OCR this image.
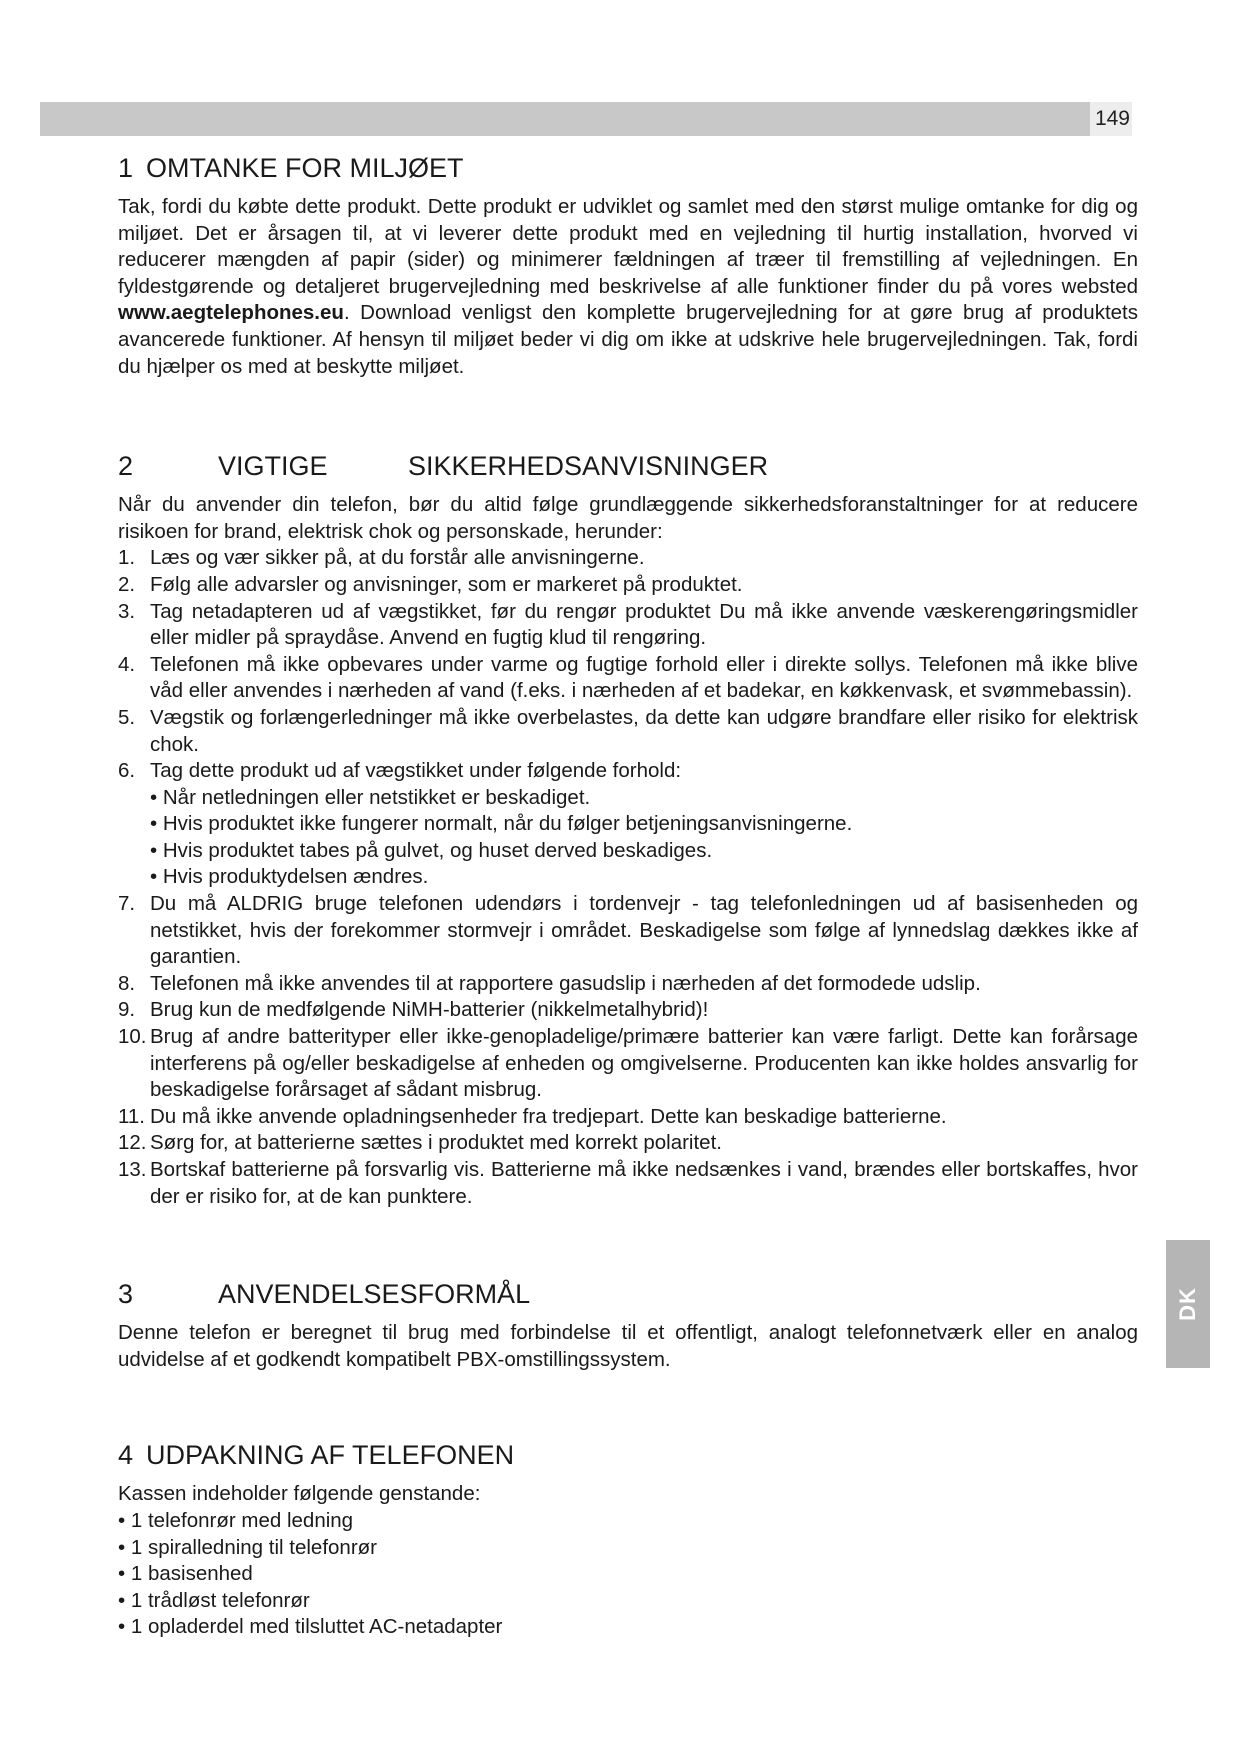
149
DK
1 OMTANKE FOR MILJØET

Tak, fordi du købte dette produkt. Dette produkt er udviklet og samlet med den størst mulige omtanke for dig og miljøet. Det er årsagen til, at vi leverer dette produkt med en vejledning til hurtig installation, hvorved vi reducerer mængden af papir (sider) og minimerer fældningen af træer til fremstilling af vejledningen. En fyldestgørende og detaljeret brugervejledning med beskrivelse af alle funktioner finder du på vores websted www.aegtelephones.eu. Download venligst den komplette brugervejledning for at gøre brug af produktets avancerede funktioner. Af hensyn til miljøet beder vi dig om ikke at udskrive hele brugervejledningen. Tak, fordi du hjælper os med at beskytte miljøet.

2	VIGTIGE	SIKKERHEDSANVISNINGER

Når du anvender din telefon, bør du altid følge grundlæggende sikkerhedsforanstaltninger for at reducere risikoen for brand, elektrisk chok og personskade, herunder:

1. Læs og vær sikker på, at du forstår alle anvisningerne.
2. Følg alle advarsler og anvisninger, som er markeret på produktet.
3. Tag netadapteren ud af vægstikket, før du rengør produktet Du må ikke anvende væskerengøringsmidler eller midler på spraydåse. Anvend en fugtig klud til rengøring.
4. Telefonen må ikke opbevares under varme og fugtige forhold eller i direkte sollys. Telefonen må ikke blive våd eller anvendes i nærheden af vand (f.eks. i nærheden af et badekar, en køkkenvask, et svømmebassin).
5. Vægstik og forlængerledninger må ikke overbelastes, da dette kan udgøre brandfare eller risiko for elektrisk chok.
6. Tag dette produkt ud af vægstikket under følgende forhold:
• Når netledningen eller netstikket er beskadiget.
• Hvis produktet ikke fungerer normalt, når du følger betjeningsanvisningerne.
• Hvis produktet tabes på gulvet, og huset derved beskadiges.
• Hvis produktydelsen ændres.
7. Du må ALDRIG bruge telefonen udendørs i tordenvejr - tag telefonledningen ud af basisenheden og netstikket, hvis der forekommer stormvejr i området. Beskadigelse som følge af lynnedslag dækkes ikke af garantien.
8. Telefonen må ikke anvendes til at rapportere gasudslip i nærheden af det formodede udslip.
9. Brug kun de medfølgende NiMH-batterier (nikkelmetalhybrid)!
10. Brug af andre batterityper eller ikke-genopladelige/primære batterier kan være farligt. Dette kan forårsage interferens på og/eller beskadigelse af enheden og omgivelserne. Producenten kan ikke holdes ansvarlig for beskadigelse forårsaget af sådant misbrug.
11. Du må ikke anvende opladningsenheder fra tredjepart. Dette kan beskadige batterierne.
12. Sørg for, at batterierne sættes i produktet med korrekt polaritet.
13. Bortskaf batterierne på forsvarlig vis. Batterierne må ikke nedsænkes i vand, brændes eller bortskaffes, hvor der er risiko for, at de kan punktere.
3	ANVENDELSESFORMÅL

Denne telefon er beregnet til brug med forbindelse til et offentligt, analogt telefonnetværk eller en analog udvidelse af et godkendt kompatibelt PBX-omstillingssystem.

4 UDPAKNING AF TELEFONEN

Kassen indeholder følgende genstande:

• 1 telefonrør med ledning
• 1 spiralledning til telefonrør
• 1 basisenhed
• 1 trådløst telefonrør
• 1 opladerdel med tilsluttet AC-netadapter
